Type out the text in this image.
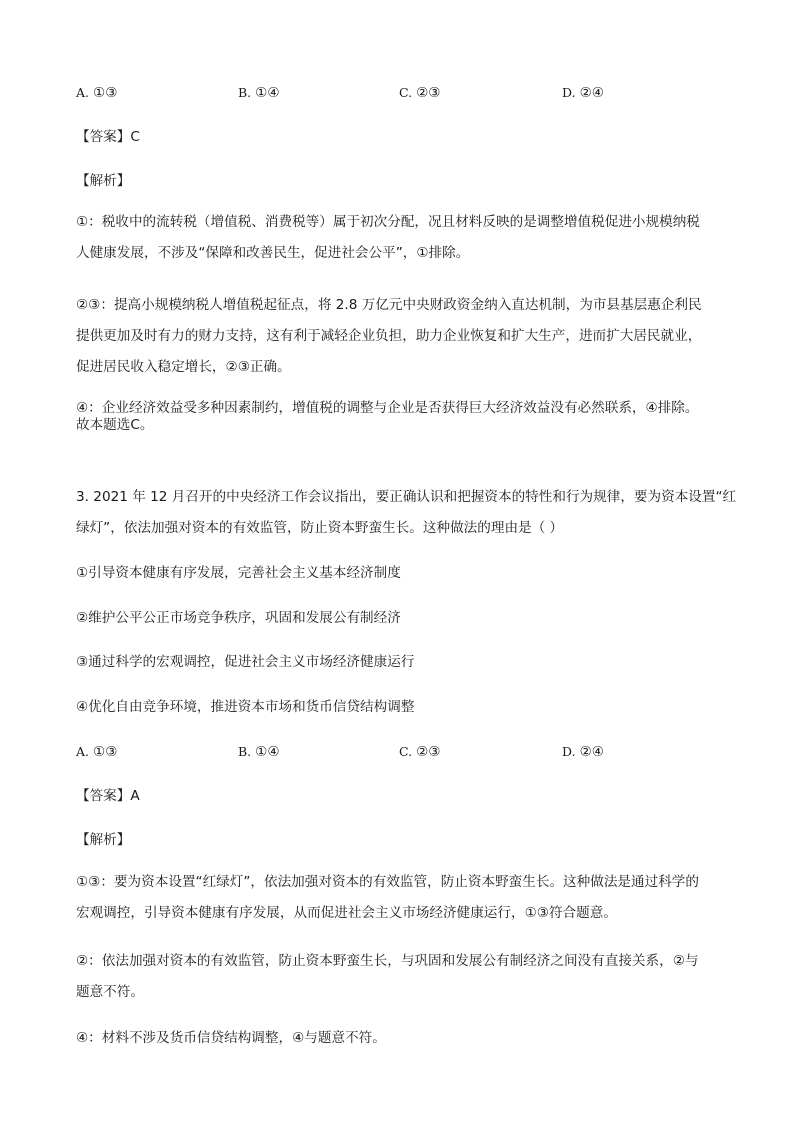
A. ①③	B. ①④	C. ②③	D. ②④
【答案】C
【解析】
①：税收中的流转税（增值税、消费税等）属于初次分配，况且材料反映的是调整增值税促进小规模纳税
人健康发展，不涉及“保障和改善民生，促进社会公平”，①排除。
②③：提高小规模纳税人增值税起征点，将 2.8 万亿元中央财政资金纳入直达机制，为市县基层惠企利民
提供更加及时有力的财力支持，这有利于减轻企业负担，助力企业恢复和扩大生产，进而扩大居民就业，
促进居民收入稳定增长，②③正确。
④：企业经济效益受多种因素制约，增值税的调整与企业是否获得巨大经济效益没有必然联系，④排除。
故本题选C。
3. 2021 年 12 月召开的中央经济工作会议指出，要正确认识和把握资本的特性和行为规律，要为资本设置“红
绿灯”，依法加强对资本的有效监管，防止资本野蛮生长。这种做法的理由是（ ）
①引导资本健康有序发展，完善社会主义基本经济制度
②维护公平公正市场竞争秩序，巩固和发展公有制经济
③通过科学的宏观调控，促进社会主义市场经济健康运行
④优化自由竞争环境，推进资本市场和货币信贷结构调整
A. ①③	B. ①④	C. ②③	D. ②④
【答案】A
【解析】
①③：要为资本设置“红绿灯”，依法加强对资本的有效监管，防止资本野蛮生长。这种做法是通过科学的
宏观调控，引导资本健康有序发展，从而促进社会主义市场经济健康运行，①③符合题意。
②：依法加强对资本的有效监管，防止资本野蛮生长，与巩固和发展公有制经济之间没有直接关系，②与
题意不符。
④：材料不涉及货币信贷结构调整，④与题意不符。
